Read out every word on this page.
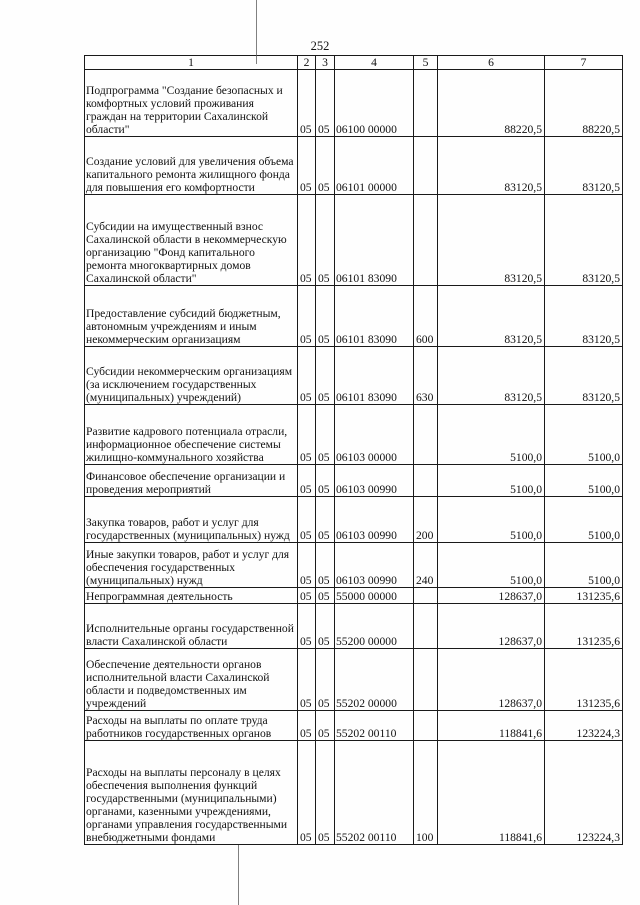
252
1	2	3	4	5	6	7
Подпрограмма "Создание безопасных и комфортных условий проживания граждан на территории Сахалинской области"	05	05	06100 00000		88220,5	88220,5
Создание условий для увеличения объема капитального ремонта жилищного фонда для повышения его комфортности	05	05	06101 00000		83120,5	83120,5
Субсидии на имущественный взнос Сахалинской области в некоммерческую организацию "Фонд капитального ремонта многоквартирных домов Сахалинской области"	05	05	06101 83090		83120,5	83120,5
Предоставление субсидий бюджетным, автономным учреждениям и иным некоммерческим организациям	05	05	06101 83090	600	83120,5	83120,5
Субсидии некоммерческим организациям (за исключением государственных (муниципальных) учреждений)	05	05	06101 83090	630	83120,5	83120,5
Развитие кадрового потенциала отрасли, информационное обеспечение системы жилищно-коммунального хозяйства	05	05	06103 00000		5100,0	5100,0
Финансовое обеспечение организации и проведения мероприятий	05	05	06103 00990		5100,0	5100,0
Закупка товаров, работ и услуг для государственных (муниципальных) нужд	05	05	06103 00990	200	5100,0	5100,0
Иные закупки товаров, работ и услуг для обеспечения государственных (муниципальных) нужд	05	05	06103 00990	240	5100,0	5100,0
Непрограммная деятельность	05	05	55000 00000		128637,0	131235,6
Исполнительные органы государственной власти Сахалинской области	05	05	55200 00000		128637,0	131235,6
Обеспечение деятельности органов исполнительной власти Сахалинской области и подведомственных им учреждений	05	05	55202 00000		128637,0	131235,6
Расходы на выплаты по оплате труда работников государственных органов	05	05	55202 00110		118841,6	123224,3
Расходы на выплаты персоналу в целях обеспечения выполнения функций государственными (муниципальными) органами, казенными учреждениями, органами управления государственными внебюджетными фондами	05	05	55202 00110	100	118841,6	123224,3
